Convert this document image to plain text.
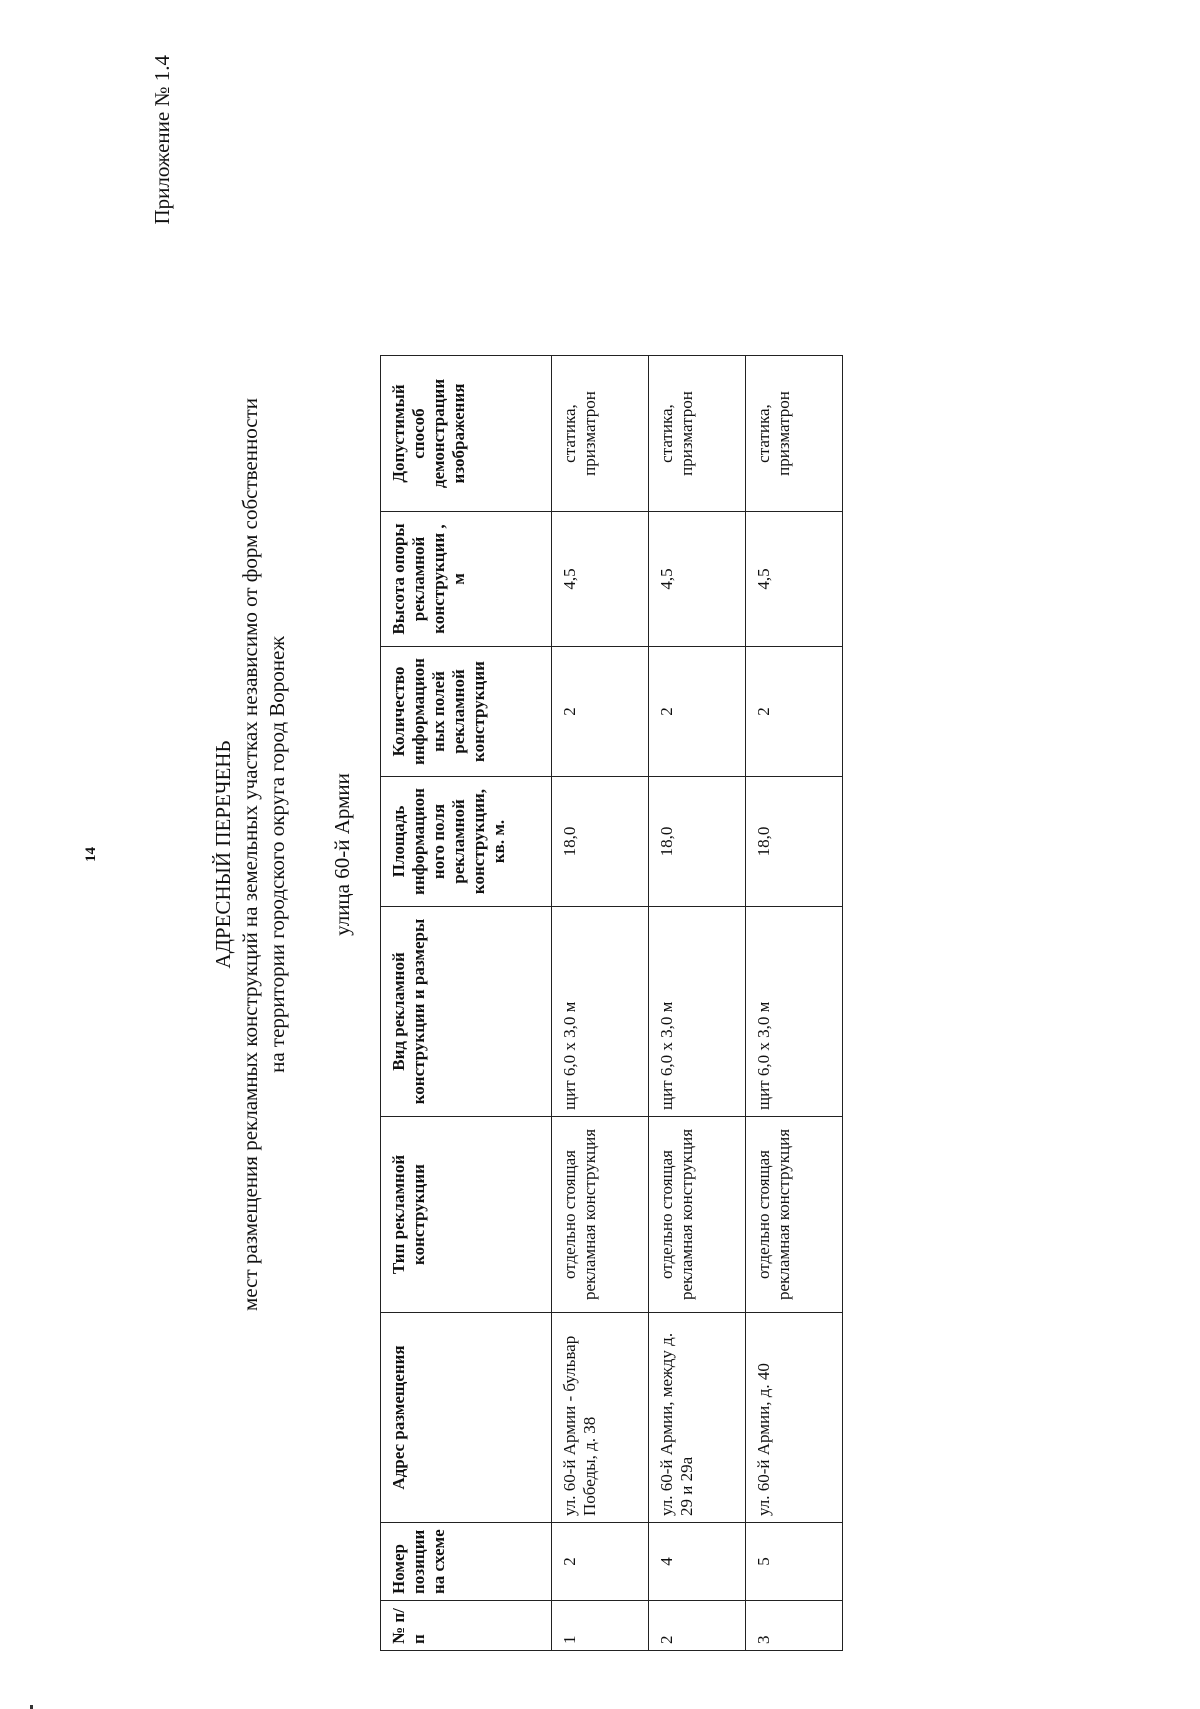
14
Приложение № 1.4
АДРЕСНЫЙ ПЕРЕЧЕНЬ мест размещения рекламных конструкций на земельных участках независимо от форм собственности на территории городского округа город Воронеж улица 60-й Армии
№ п/п	Номер позиции на схеме	Адрес размещения	Тип рекламной конструкции	Вид рекламной конструкции и размеры	Площадь информацион ного поля рекламной конструкции, кв. м.	Количество информацион ных полей рекламной конструкции	Высота опоры рекламной конструкции , м	Допустимый способ демонстрации изображения
1	2	ул. 60-й Армии - бульвар Победы, д. 38	отдельно стоящая рекламная конструкция	щит 6,0 х 3,0 м	18,0	2	4,5	статика, призматрон
2	4	ул. 60-й Армии, между д. 29 и 29а	отдельно стоящая рекламная конструкция	щит 6,0 х 3,0 м	18,0	2	4,5	статика, призматрон
3	5	ул. 60-й Армии, д. 40	отдельно стоящая рекламная конструкция	щит 6,0 х 3,0 м	18,0	2	4,5	статика, призматрон
